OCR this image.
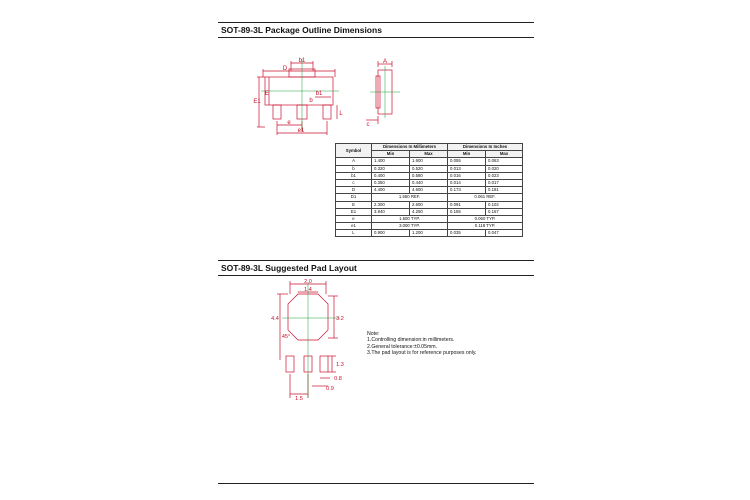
SOT-89-3L Package Outline Dimensions
b1
D
E1
E
L
b
b1
e
e1
A
c
Symbol	Dimensions In Millimeters		Dimensions In Inches	
	Min	Max	Min	Max
A	1.400	1.600	0.055	0.063
b	0.320	0.520	0.013	0.020
b1	0.400	0.580	0.016	0.023
c	0.350	0.440	0.014	0.017
D	4.400	4.600	0.173	0.181
D1	1.550 REF.		0.061 REF.	
E	2.300	2.600	0.091	0.102
E1	3.940	4.250	0.155	0.167
e	1.500 TYP.		0.060 TYP.	
e1	3.000 TYP.		0.118 TYP.	
L	0.900	1.200	0.035	0.047
SOT-89-3L Suggested Pad Layout
2.0
1.4
4.4	3.2
45°
1.3
0.8
0.9
1.5
Note:
1.Controlling dimension:in millimeters.
2.General tolerance:±0.05mm.
3.The pad layout is for reference purposes only.
